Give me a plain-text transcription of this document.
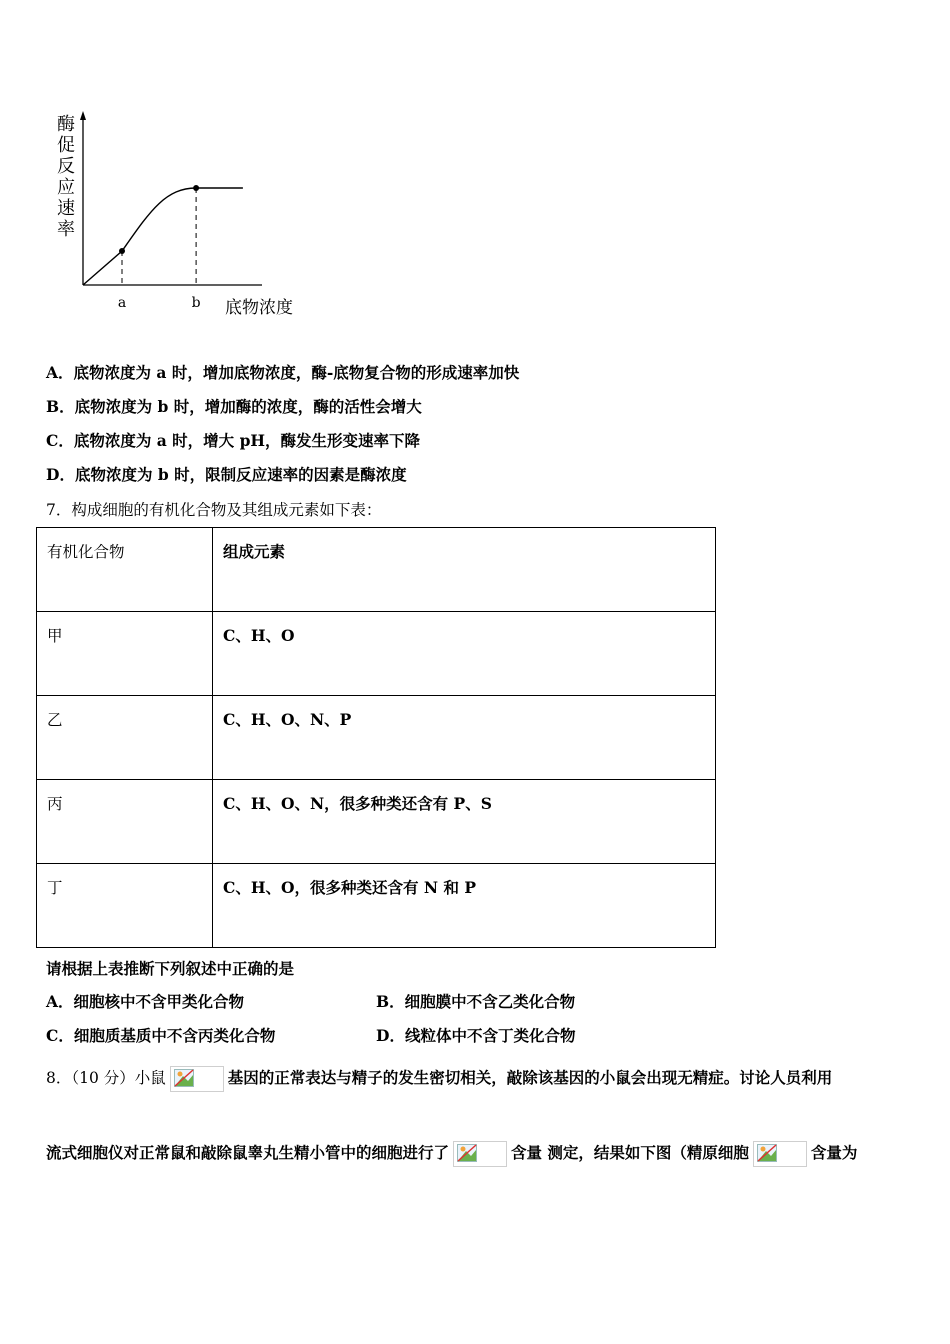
酶
促
反
应
速
率
a	b 底物浓度
A．底物浓度为 a 时，增加底物浓度，酶-底物复合物的形成速率加快
B．底物浓度为 b 时，增加酶的浓度，酶的活性会增大
C．底物浓度为 a 时，增大 pH，酶发生形变速率下降
D．底物浓度为 b 时，限制反应速率的因素是酶浓度
7．构成细胞的有机化合物及其组成元素如下表：
有机化合物	组成元素
甲	C、H、O
乙	C、H、O、N、P
丙	C、H、O、N，很多种类还含有 P、S
丁	C、H、O，很多种类还含有 N 和 P
请根据上表推断下列叙述中正确的是
A．细胞核中不含甲类化合物	B．细胞膜中不含乙类化合物
C．细胞质基质中不含丙类化合物	D．线粒体中不含丁类化合物
8．（10 分）小鼠	基因的正常表达与精子的发生密切相关，敲除该基因的小鼠会出现无精症。讨论人员利用
流式细胞仪对正常鼠和敲除鼠睾丸生精小管中的细胞进行了	含量 测定，结果如下图（精原细胞	含量为
